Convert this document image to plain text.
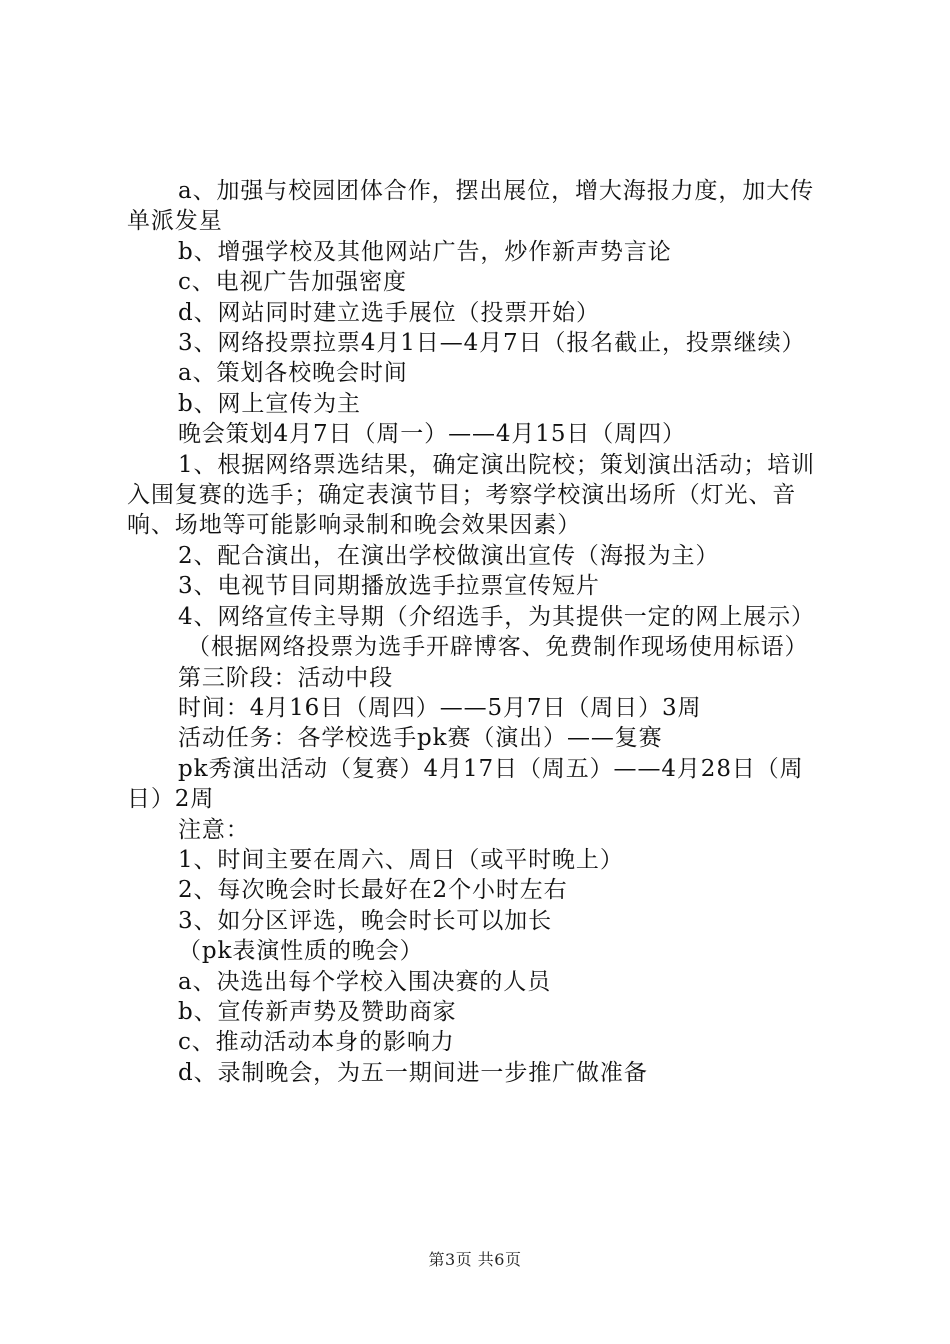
a、加强与校园团体合作，摆出展位，增大海报力度，加大传单派发星

b、增强学校及其他网站广告，炒作新声势言论

c、电视广告加强密度

d、网站同时建立选手展位（投票开始）

3、网络投票拉票4月1日—4月7日（报名截止，投票继续）

a、策划各校晚会时间

b、网上宣传为主

晚会策划4月7日（周一）——4月15日（周四）

1、根据网络票选结果，确定演出院校；策划演出活动；培训入围复赛的选手；确定表演节目；考察学校演出场所（灯光、音响、场地等可能影响录制和晚会效果因素）

2、配合演出，在演出学校做演出宣传（海报为主）

3、电视节目同期播放选手拉票宣传短片

4、网络宣传主导期（介绍选手，为其提供一定的网上展示）

（根据网络投票为选手开辟博客、免费制作现场使用标语）

第三阶段：活动中段

时间：4月16日（周四）——5月7日（周日）3周

活动任务：各学校选手pk赛（演出）——复赛

pk秀演出活动（复赛）4月17日（周五）——4月28日（周日）2周

注意：

1、时间主要在周六、周日（或平时晚上）

2、每次晚会时长最好在2个小时左右

3、如分区评选，晚会时长可以加长

（pk表演性质的晚会）

a、决选出每个学校入围决赛的人员

b、宣传新声势及赞助商家

c、推动活动本身的影响力

d、录制晚会，为五一期间进一步推广做准备

第3页 共6页
